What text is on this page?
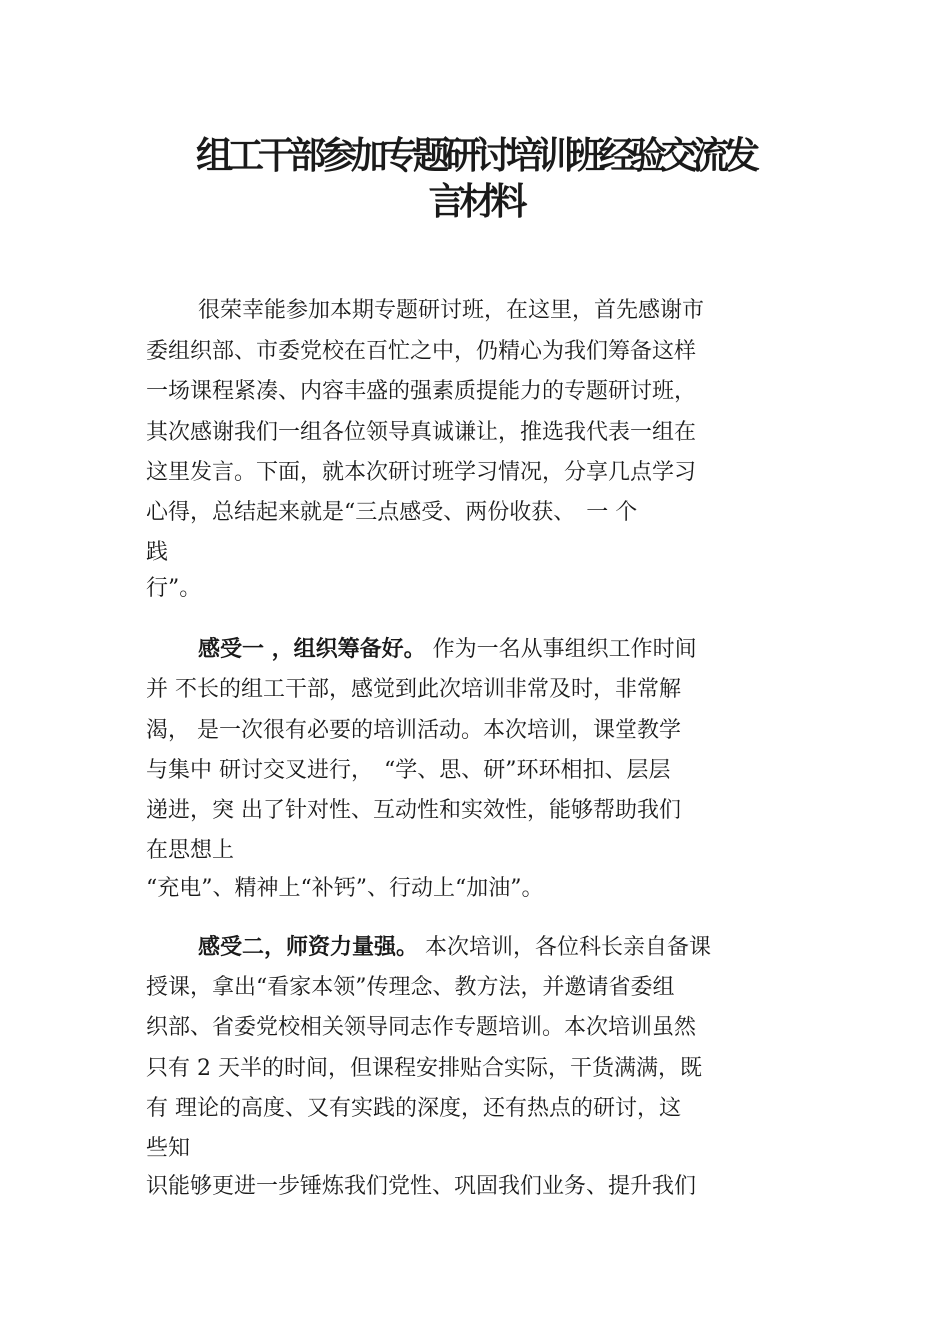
组工干部参加专题研讨培训班经验交流发
言材料

很荣幸能参加本期专题研讨班，在这里，首先感谢市

委组织部、市委党校在百忙之中，仍精心为我们筹备这样

一场课程紧凑、内容丰盛的强素质提能力的专题研讨班，

其次感谢我们一组各位领导真诚谦让，推选我代表一组在

这里发言。下面，就本次研讨班学习情况，分享几点学习

心得，总结起来就是“三点感受、两份收获、　一 个

践

行”。

感受一 ，组织筹备好。 作为一名从事组织工作时间

并 不长的组工干部，感觉到此次培训非常及时，非常解

渴， 是一次很有必要的培训活动。本次培训，课堂教学

与集中 研讨交叉进行，　“学、思、研”环环相扣、层层

递进，突 出了针对性、互动性和实效性，能够帮助我们

在思想上

“充电”、精神上“补钙”、行动上“加油”。

感受二，师资力量强。 本次培训，各位科长亲自备课

授课，拿出“看家本领”传理念、教方法，并邀请省委组

织部、省委党校相关领导同志作专题培训。本次培训虽然

只有 2 天半的时间，但课程安排贴合实际，干货满满，既

有 理论的高度、又有实践的深度，还有热点的研讨，这

些知

识能够更进一步锤炼我们党性、巩固我们业务、提升我们
